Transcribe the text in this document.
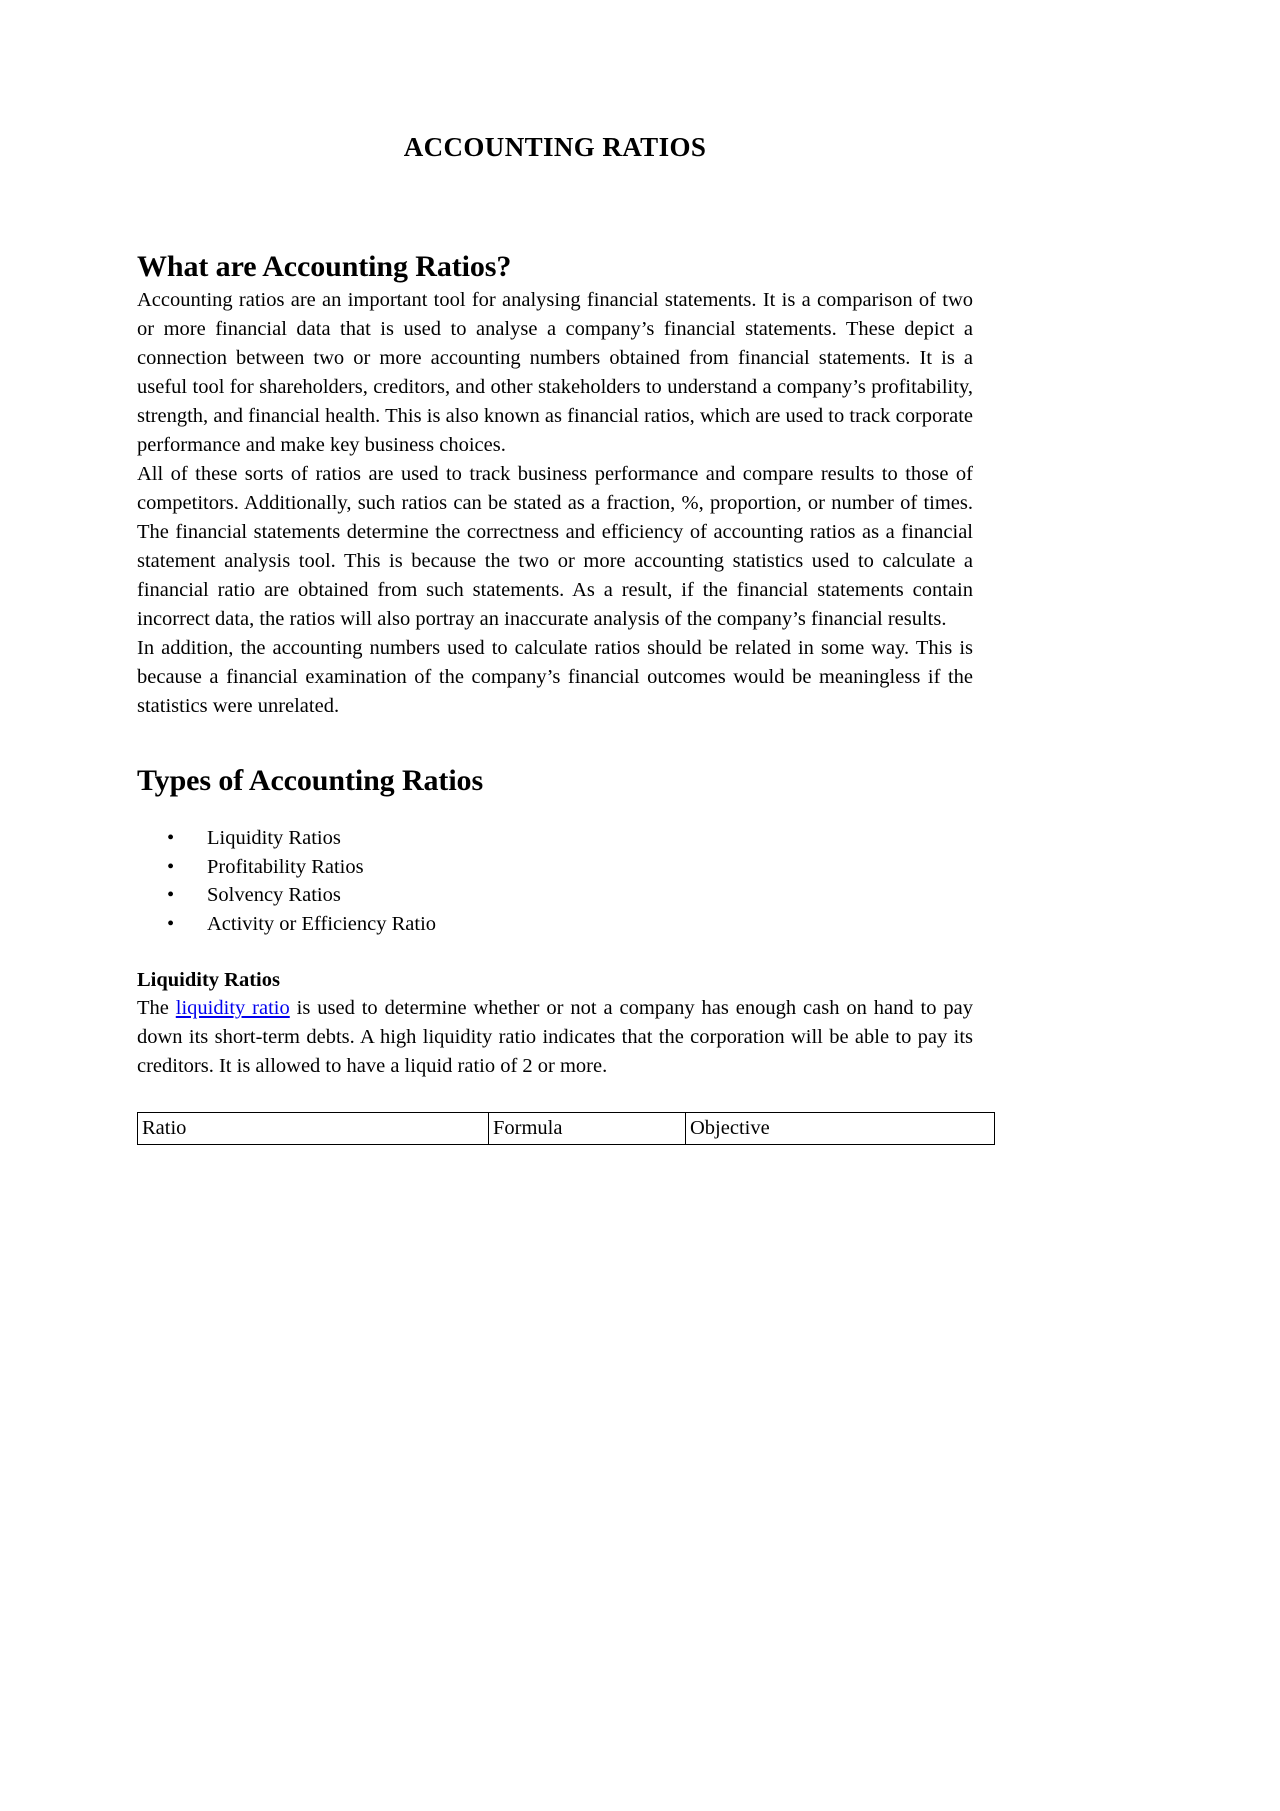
ACCOUNTING RATIOS
What are Accounting Ratios?

Accounting ratios are an important tool for analysing financial statements. It is a comparison of two or more financial data that is used to analyse a company’s financial statements. These depict a connection between two or more accounting numbers obtained from financial statements. It is a useful tool for shareholders, creditors, and other stakeholders to understand a company’s profitability, strength, and financial health. This is also known as financial ratios, which are used to track corporate performance and make key business choices.

All of these sorts of ratios are used to track business performance and compare results to those of competitors. Additionally, such ratios can be stated as a fraction, %, proportion, or number of times. The financial statements determine the correctness and efficiency of accounting ratios as a financial statement analysis tool. This is because the two or more accounting statistics used to calculate a financial ratio are obtained from such statements. As a result, if the financial statements contain incorrect data, the ratios will also portray an inaccurate analysis of the company’s financial results.

In addition, the accounting numbers used to calculate ratios should be related in some way. This is because a financial examination of the company’s financial outcomes would be meaningless if the statistics were unrelated.

Types of Accounting Ratios
• Liquidity Ratios
• Profitability Ratios
• Solvency Ratios
• Activity or Efficiency Ratio
Liquidity Ratios

The liquidity ratio is used to determine whether or not a company has enough cash on hand to pay down its short-term debts. A high liquidity ratio indicates that the corporation will be able to pay its creditors. It is allowed to have a liquid ratio of 2 or more.

Ratio	Formula	Objective
